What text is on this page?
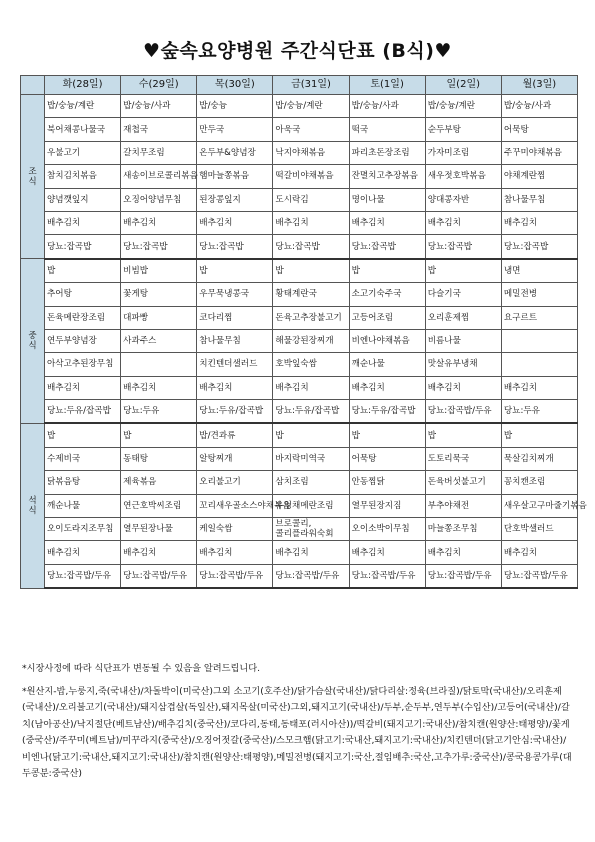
♥숲속요양병원 주간식단표 (B식)♥
	화(28일)	수(29일)	목(30일)	금(31일)	토(1일)	일(2일)	월(3일)
조식	밥/숭늉/계란	밥/숭늉/사과	밥/숭늉	밥/숭늉/계란	밥/숭늉/사과	밥/숭늉/계란	밥/숭늉/사과
	북어채콩나물국	재첩국	만두국	아욱국	떡국	순두부탕	어묵탕
	우불고기	갈치무조림	온두부&양념장	낙지야채볶음	파리초돈장조림	가자미조림	주꾸미야채볶음
	참치김치볶음	새송이브로콜리볶음	햄마늘쫑볶음	떡갈비야채볶음	잔멸치고추장볶음	새우젓호박볶음	야채계란찜
	양념깻잎지	오징어양념무침	된장콩잎지	도시락김	명이나물	양대콩자반	참나물무침
	배추김치	배추김치	배추김치	배추김치	배추김치	배추김치	배추김치
	당뇨:잡곡밥	당뇨:잡곡밥	당뇨:잡곡밥	당뇨:잡곡밥	당뇨:잡곡밥	당뇨:잡곡밥	당뇨:잡곡밥
중식	밥	비빔밥	밥	밥	밥	밥	냉면
	추어탕	꽃게탕	우무묵냉콩국	황태계란국	소고기숙주국	다슬기국	메밀전병
	돈육메란장조림	대파빵	코다리찜	돈육고추장불고기	고등어조림	오리훈제찜	요구르트
	연두부양념장	사과주스	참나물무침	해물강된장찌개	비엔나야채볶음	비름나물	
	아삭고추된장무침		치킨텐더샐러드	호박잎숙쌈	깨순나물	맛살유부냉채	
	배추김치	배추김치	배추김치	배추김치	배추김치	배추김치	배추김치
	당뇨:두유/잡곡밥	당뇨:두유	당뇨:두유/잡곡밥	당뇨:두유/잡곡밥	당뇨:두유/잡곡밥	당뇨:잡곡밥/두유	당뇨:두유
석식	밥	밥	밥/견과류	밥	밥	밥	밥
	수제비국	동태탕	알탕찌개	바지락미역국	어묵탕	도토리묵국	묵살김치찌개
	닭볶음탕	제육볶음	오리불고기	삼치조림	안동찜닭	돈육버섯불고기	꽁치캔조림
	깨순나물	연근호박씨조림	꼬리새우골소스야채볶음	우엉채메란조림	열무된장지짐	부추야채전	새우살고구마줄기볶음
	오이도라지조무침	열무된장나물	케일숙쌈	브로콜리,콜리플라워숙회	오이소박이무침	마늘쫑조무침	단호박샐러드
	배추김치	배추김치	배추김치	배추김치	배추김치	배추김치	배추김치
	당뇨:잡곡밥/두유	당뇨:잡곡밥/두유	당뇨:잡곡밥/두유	당뇨:잡곡밥/두유	당뇨:잡곡밥/두유	당뇨:잡곡밥/두유	당뇨:잡곡밥/두유

*시장사정에 따라 식단표가 변동될 수 있음을 알려드립니다.

*원산지-밥,누룽지,죽(국내산)/차돌박이(미국산)그외 소고기(호주산)/닭가슴살(국내산)/닭다리살:정육(브라질)/닭토막(국내산)/오리훈제(국내산)/오리불고기(국내산)/돼지삼겹살(독일산),돼지목살(미국산)그외,돼지고기(국내산)/두부,순두부,연두부(수입산)/고등어(국내산)/갈치(남아공산)/낙지절단(베트남산)/배추김치(중국산)/코다리,동태,동태포(러시아산))/떡갈비(돼지고기:국내산)/참치캔(원양산:태평양)/꽃게(중국산)/주꾸미(베트남)/미꾸라지(중국산)/오징어젓갈(중국산)/스모크햄(닭고기:국내산,돼지고기:국내산)/치킨텐더(닭고기안심:국내산)/비엔나(닭고기:국내산,돼지고기:국내산)/참치캔(원양산:태평양),메밀전병(돼지고기:국산,절임배추:국산,고추가루:중국산)/콩국용콩가루(대두콩분:중국산)
